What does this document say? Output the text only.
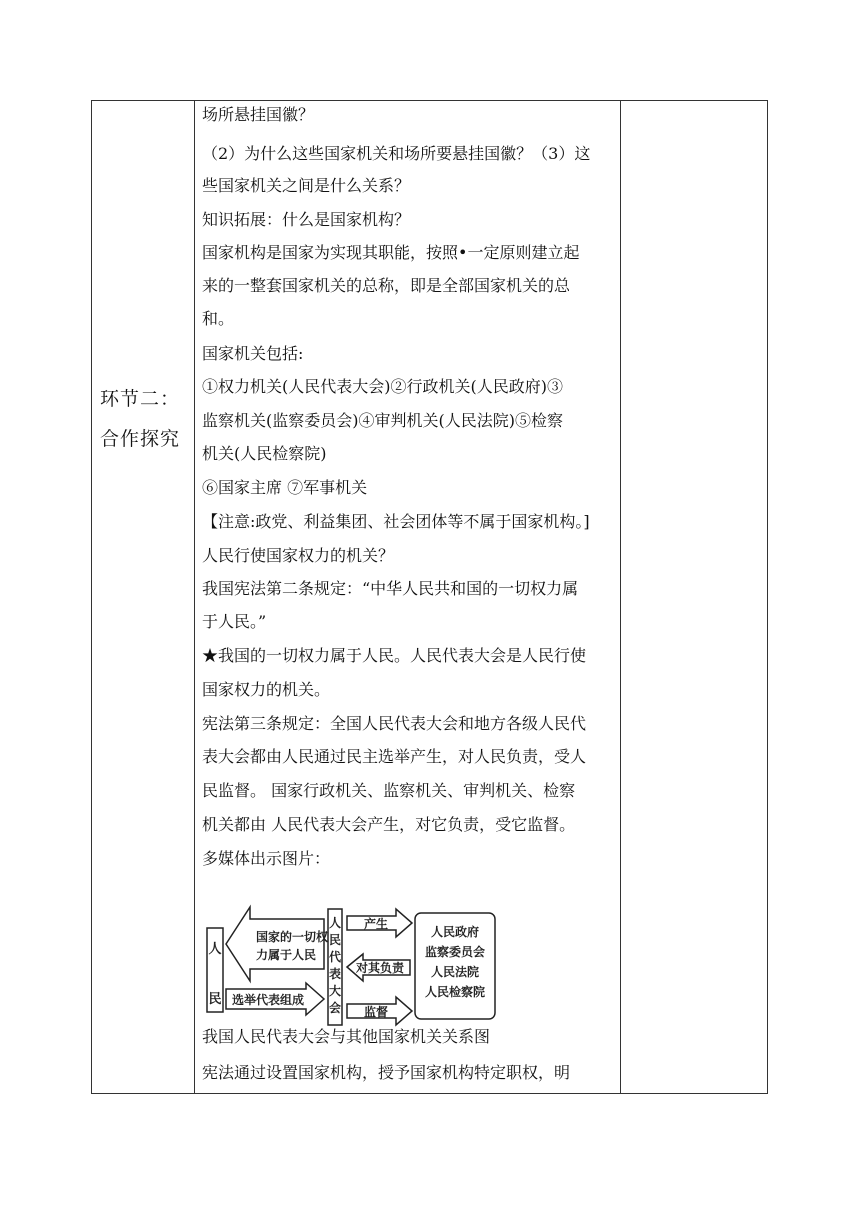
环节二：
合作探究
场所悬挂国徽？
（2）为什么这些国家机关和场所要悬挂国徽？（3）这
些国家机关之间是什么关系？
知识拓展：什么是国家机构？
国家机构是国家为实现其职能，按照•一定原则建立起
来的一整套国家机关的总称，即是全部国家机关的总
和。
国家机关包括:
①权力机关(人民代表大会)②行政机关(人民政府)③
监察机关(监察委员会)④审判机关(人民法院)⑤检察
机关(人民检察院)
⑥国家主席 ⑦军事机关
【注意:政党、利益集团、社会团体等不属于国家机构。]
人民行使国家权力的机关？
我国宪法第二条规定：“中华人民共和国的一切权力属
于人民。”
★我国的一切权力属于人民。人民代表大会是人民行使
国家权力的机关。
宪法第三条规定：全国人民代表大会和地方各级人民代
表大会都由人民通过民主选举产生，对人民负责，受人
民监督。 国家行政机关、监察机关、审判机关、检察
机关都由 人民代表大会产生，对它负责，受它监督。
多媒体出示图片：
宪法通过设置国家机构，授予国家机构特定职权，明
人
民
国家的一切权
力属于人民
选举代表组成
人
民
代
表
大
会
产生
对其负责
监督
人民政府
监察委员会
人民法院
人民检察院
我国人民代表大会与其他国家机关关系图
